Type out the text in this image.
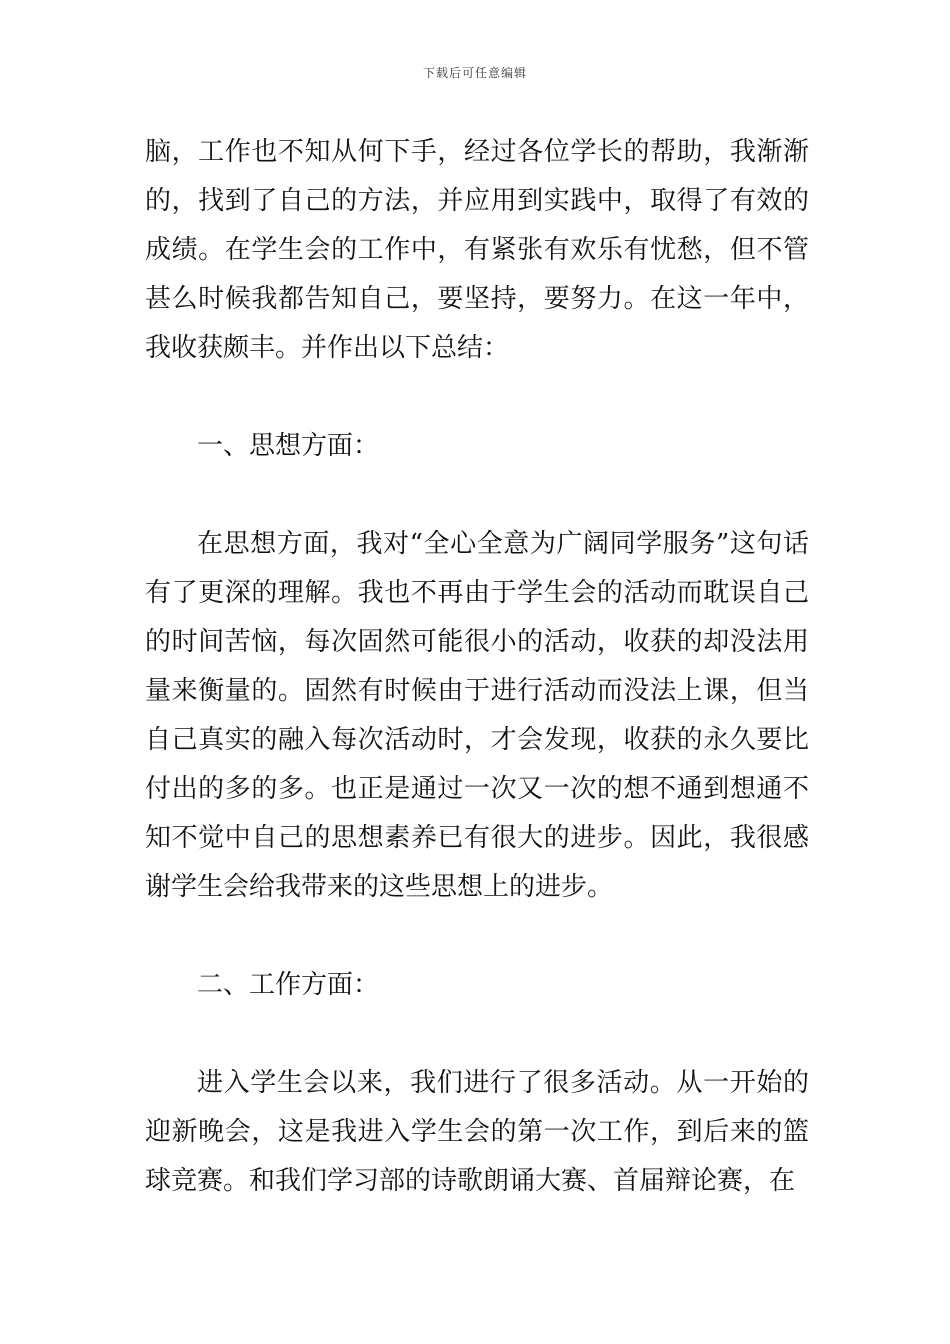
下载后可任意编辑

脑，工作也不知从何下手，经过各位学长的帮助，我渐渐的，找到了自己的方法，并应用到实践中，取得了有效的成绩。在学生会的工作中，有紧张有欢乐有忧愁，但不管甚么时候我都告知自己，要坚持，要努力。在这一年中，我收获颇丰。并作出以下总结：

一、思想方面：

在思想方面，我对“全心全意为广阔同学服务”这句话有了更深的理解。我也不再由于学生会的活动而耽误自己的时间苦恼，每次固然可能很小的活动，收获的却没法用量来衡量的。固然有时候由于进行活动而没法上课，但当自己真实的融入每次活动时，才会发现，收获的永久要比付出的多的多。也正是通过一次又一次的想不通到想通不知不觉中自己的思想素养已有很大的进步。因此，我很感谢学生会给我带来的这些思想上的进步。

二、工作方面：

进入学生会以来，我们进行了很多活动。从一开始的迎新晚会，这是我进入学生会的第一次工作，到后来的篮球竞赛。和我们学习部的诗歌朗诵大赛、首届辩论赛，在
